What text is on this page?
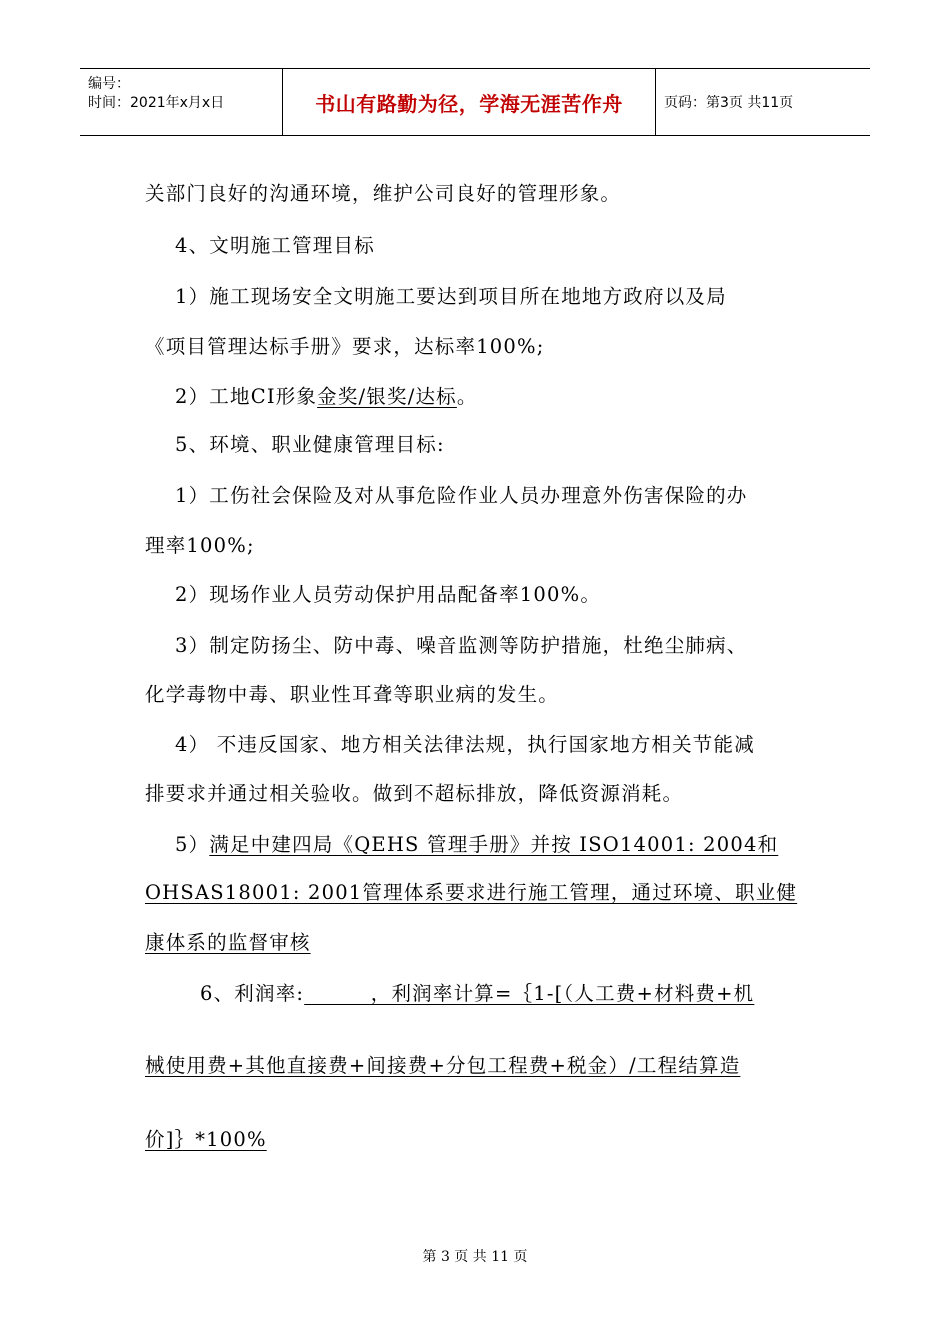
编号：
时间：2021年x月x日	书山有路勤为径，学海无涯苦作舟	页码：第3页 共11页
关部门良好的沟通环境，维护公司良好的管理形象。
4、文明施工管理目标
1）施工现场安全文明施工要达到项目所在地地方政府以及局
《项目管理达标手册》要求，达标率100%;
2）工地CI形象金奖/银奖/达标。
5、环境、职业健康管理目标:
1）工伤社会保险及对从事危险作业人员办理意外伤害保险的办
理率100%;
2）现场作业人员劳动保护用品配备率100%。
3）制定防扬尘、防中毒、噪音监测等防护措施，杜绝尘肺病、
化学毒物中毒、职业性耳聋等职业病的发生。
4） 不违反国家、地方相关法律法规，执行国家地方相关节能减
排要求并通过相关验收。做到不超标排放，降低资源消耗。
5）满足中建四局《QEHS 管理手册》并按 ISO14001: 2004和
OHSAS18001: 2001管理体系要求进行施工管理，通过环境、职业健
康体系的监督审核
6、利润率:         ，利润率计算=｛1-[（人工费+材料费+机
械使用费+其他直接费+间接费+分包工程费+税金）/工程结算造
价]｝*100%
第 3 页 共 11 页
